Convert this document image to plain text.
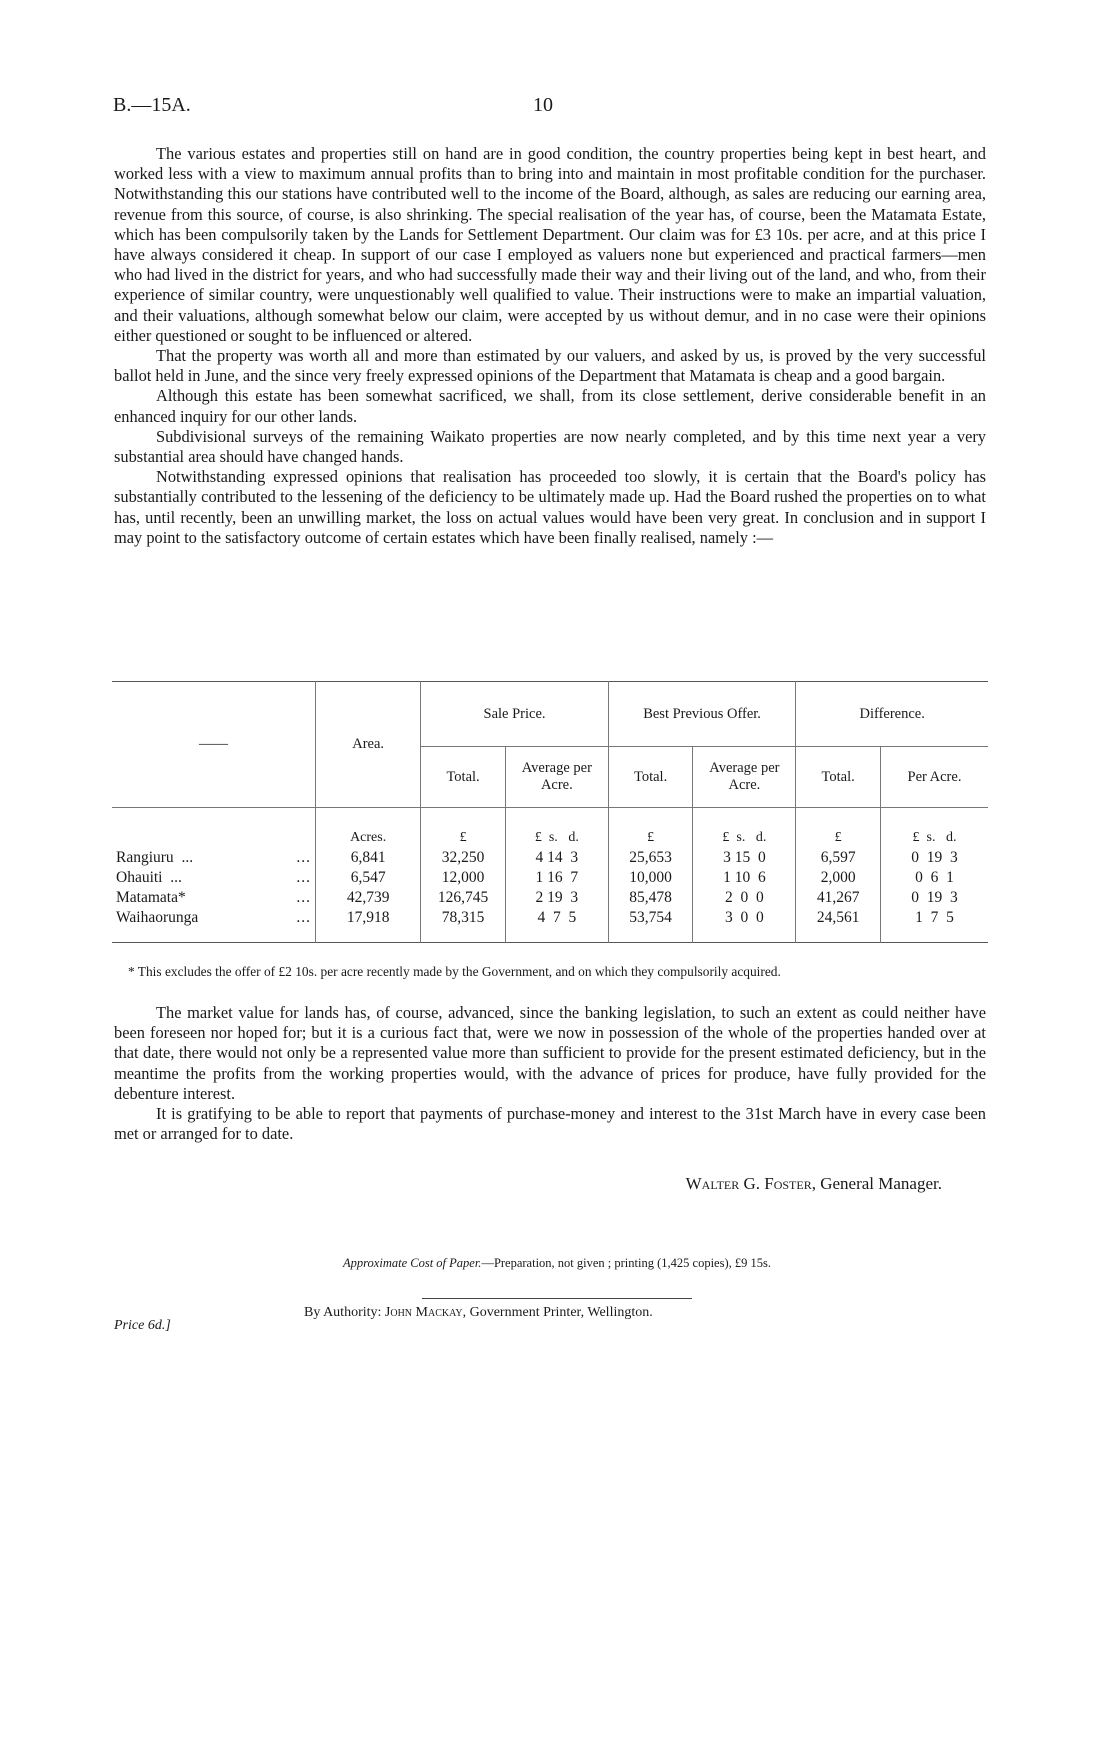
B.—15A.	10

The various estates and properties still on hand are in good condition, the country properties being kept in best heart, and worked less with a view to maximum annual profits than to bring into and maintain in most profitable condition for the purchaser. Notwithstanding this our stations have contributed well to the income of the Board, although, as sales are reducing our earning area, revenue from this source, of course, is also shrinking. The special realisation of the year has, of course, been the Matamata Estate, which has been compulsorily taken by the Lands for Settlement Department. Our claim was for £3 10s. per acre, and at this price I have always considered it cheap. In support of our case I employed as valuers none but experienced and practical farmers—men who had lived in the district for years, and who had successfully made their way and their living out of the land, and who, from their experience of similar country, were unquestionably well qualified to value. Their instructions were to make an impartial valuation, and their valuations, although somewhat below our claim, were accepted by us without demur, and in no case were their opinions either questioned or sought to be influenced or altered.

That the property was worth all and more than estimated by our valuers, and asked by us, is proved by the very successful ballot held in June, and the since very freely expressed opinions of the Department that Matamata is cheap and a good bargain.

Although this estate has been somewhat sacrificed, we shall, from its close settlement, derive considerable benefit in an enhanced inquiry for our other lands.

Subdivisional surveys of the remaining Waikato properties are now nearly completed, and by this time next year a very substantial area should have changed hands.

Notwithstanding expressed opinions that realisation has proceeded too slowly, it is certain that the Board's policy has substantially contributed to the lessening of the deficiency to be ultimately made up. Had the Board rushed the properties on to what has, until recently, been an unwilling market, the loss on actual values would have been very great. In conclusion and in support I may point to the satisfactory outcome of certain estates which have been finally realised, namely :—

——	Area.	Sale Price.		Best Previous Offer.		Difference.	
		Total.	Average per Acre.	Total.	Average per Acre.	Total.	Per Acre.
	Acres.	£	£ s. d.	£	£ s. d.	£	£ s. d.
Rangiuru ... ...	6,841	32,250	4 14 3	25,653	3 15 0	6,597	0 19 3
Ohauiti ... ...	6,547	12,000	1 16 7	10,000	1 10 6	2,000	0 6 1
Matamata* ...	42,739	126,745	2 19 3	85,478	2 0 0	41,267	0 19 3
Waihaorunga ...	17,918	78,315	4 7 5	53,754	3 0 0	24,561	1 7 5

* This excludes the offer of £2 10s. per acre recently made by the Government, and on which they compulsorily acquired.

The market value for lands has, of course, advanced, since the banking legislation, to such an extent as could neither have been foreseen nor hoped for; but it is a curious fact that, were we now in possession of the whole of the properties handed over at that date, there would not only be a represented value more than sufficient to provide for the present estimated deficiency, but in the meantime the profits from the working properties would, with the advance of prices for produce, have fully provided for the debenture interest.

It is gratifying to be able to report that payments of purchase-money and interest to the 31st March have in every case been met or arranged for to date.

Walter G. Foster, General Manager.
Approximate Cost of Paper.—Preparation, not given ; printing (1,425 copies), £9 15s.
Price 6d.]
By Authority: John Mackay, Government Printer, Wellington.
